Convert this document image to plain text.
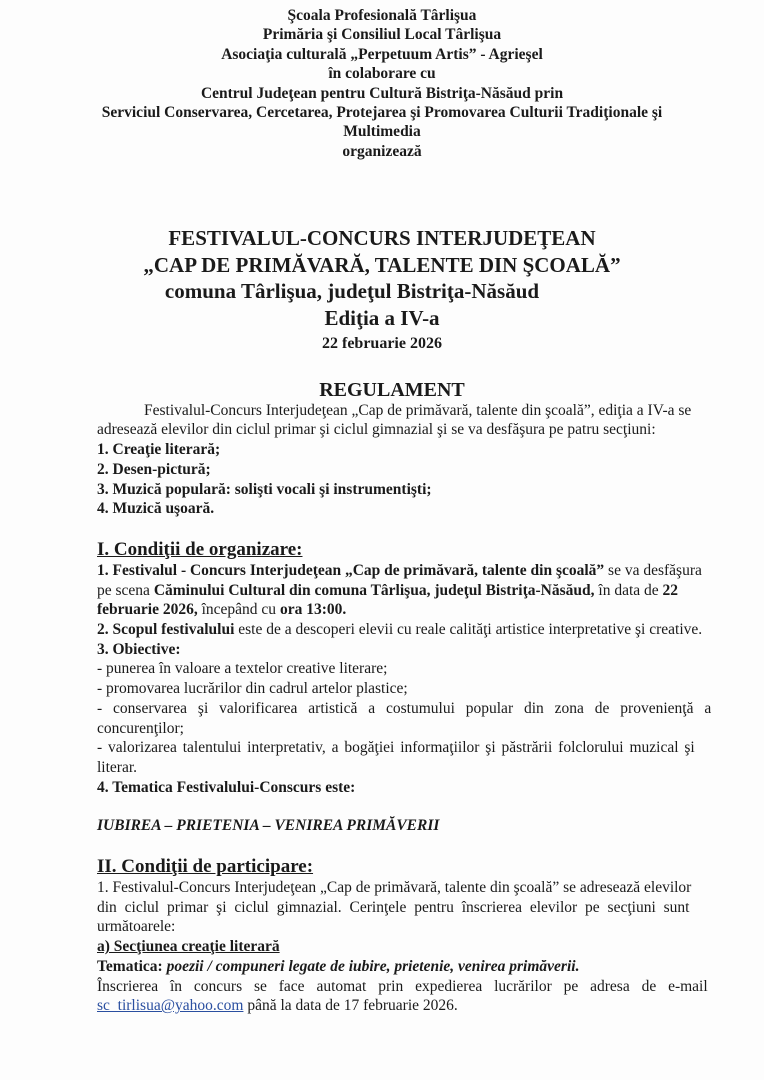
Şcoala Profesională Târlişua
Primăria şi Consiliul Local Târlişua
Asociaţia culturală „Perpetuum Artis” - Agrieşel
în colaborare cu
Centrul Judeţean pentru Cultură Bistriţa-Năsăud prin
Serviciul Conservarea, Cercetarea, Protejarea şi Promovarea Culturii Tradiţionale şi
Multimedia
organizează
FESTIVALUL-CONCURS INTERJUDEŢEAN
„CAP DE PRIMĂVARĂ, TALENTE DIN ŞCOALĂ”
comuna Târlişua, judeţul Bistriţa-Năsăud
Ediţia a IV-a
22 februarie 2026
REGULAMENT
Festivalul-Concurs Interjudeţean „Cap de primăvară, talente din şcoală”, ediţia a IV-a se
adresează elevilor din ciclul primar şi ciclul gimnazial şi se va desfăşura pe patru secţiuni:
1. Creaţie literară;
2. Desen-pictură;
3. Muzică populară: solişti vocali şi instrumentişti;
4. Muzică uşoară.
I. Condiţii de organizare:
1. Festivalul - Concurs Interjudeţean „Cap de primăvară, talente din şcoală” se va desfăşura
pe scena Căminului Cultural din comuna Târlişua, judeţul Bistriţa-Năsăud, în data de 22
februarie 2026, începând cu ora 13:00.
2. Scopul festivalului este de a descoperi elevii cu reale calităţi artistice interpretative şi creative.
3. Obiective:
- punerea în valoare a textelor creative literare;
- promovarea lucrărilor din cadrul artelor plastice;
- conservarea şi valorificarea artistică a costumului popular din zona de provenienţă a
concurenţilor;
- valorizarea talentului interpretativ, a bogăţiei informaţiilor şi păstrării folclorului muzical şi
literar.
4. Tematica Festivalului-Conscurs este:
IUBIREA – PRIETENIA – VENIREA PRIMĂVERII
II. Condiţii de participare:
1. Festivalul-Concurs Interjudeţean „Cap de primăvară, talente din şcoală” se adresează elevilor
din ciclul primar şi ciclul gimnazial. Cerinţele pentru înscrierea elevilor pe secţiuni sunt
următoarele:
a) Secţiunea creaţie literară
Tematica: poezii / compuneri legate de iubire, prietenie, venirea primăverii.
Înscrierea în concurs se face automat prin expedierea lucrărilor pe adresa de e-mail
sc_tirlisua@yahoo.com până la data de 17 februarie 2026.
